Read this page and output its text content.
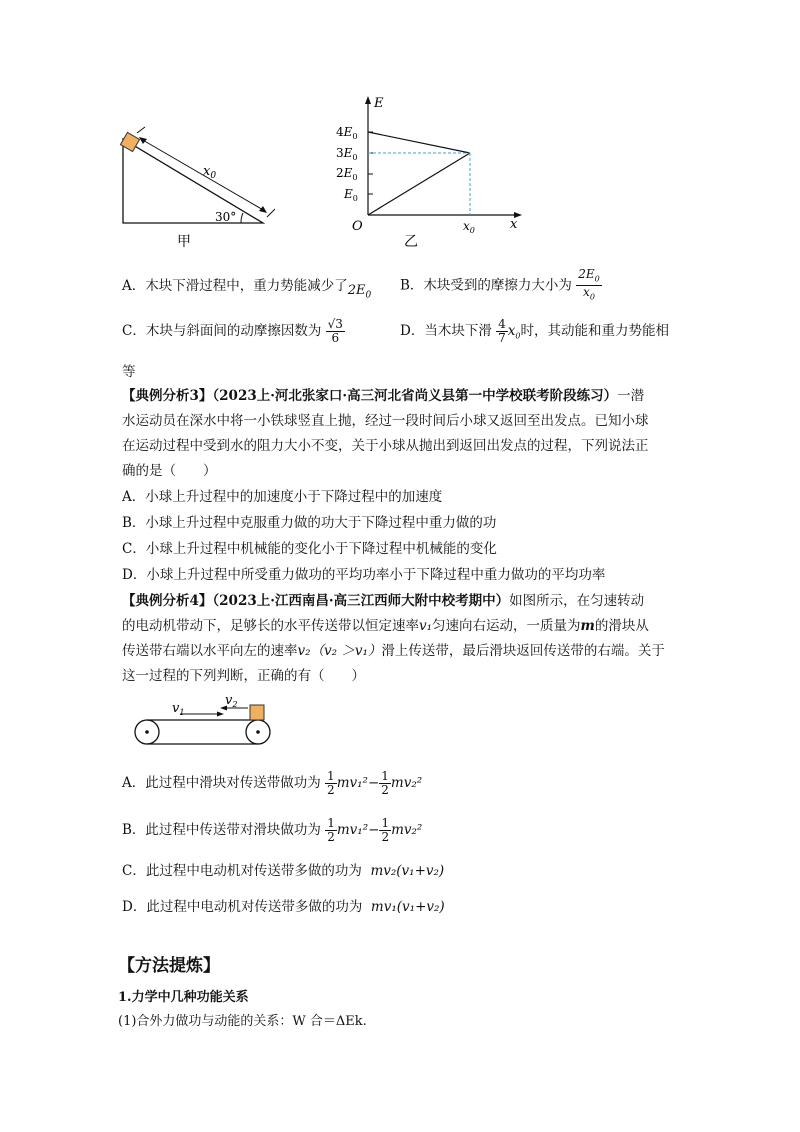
$x_0$
30°
甲
E
x
O
$4E_0$
$3E_0$
$2E_0$
$E_0$
$x_0$
乙
A．木块下滑过程中，重力势能减少了$2E_0$
B．木块受到的摩擦力大小为 $\frac{2E_0}{x_0}$
C．木块与斜面间的动摩擦因数为 $\frac{√3}{6}$	D．当木块下滑 $\frac{4}{7} x_0$时，其动能和重力势能相
等
【典例分析3】（2023上·河北张家口·高三河北省尚义县第一中学校联考阶段练习）一潜
水运动员在深水中将一小铁球竖直上抛，经过一段时间后小球又返回至出发点。已知小球
在运动过程中受到水的阻力大小不变，关于小球从抛出到返回出发点的过程，下列说法正
确的是（　　）
A．小球上升过程中的加速度小于下降过程中的加速度
B．小球上升过程中克服重力做的功大于下降过程中重力做的功
C．小球上升过程中机械能的变化小于下降过程中机械能的变化
D．小球上升过程中所受重力做功的平均功率小于下降过程中重力做功的平均功率
【典例分析4】（2023上·江西南昌·高三江西师大附中校考期中）如图所示，在匀速转动
的电动机带动下，足够长的水平传送带以恒定速率v₁匀速向右运动，一质量为m的滑块从
传送带右端以水平向左的速率v₂（v₂ ＞v₁）滑上传送带，最后滑块返回传送带的右端。关于
这一过程的下列判断，正确的有（　　）
$v_1$
$v_2$
A．此过程中滑块对传送带做功为 $\frac{1}{2} mv_1^2- \frac{1}{2} mv_2^2$
B．此过程中传送带对滑块做功为 $\frac{1}{2} mv_1^2- \frac{1}{2} mv_2^2$
C．此过程中电动机对传送带多做的功为 mv₂(v₁+v₂)
D．此过程中电动机对传送带多做的功为 mv₁(v₁+v₂)
【方法提炼】
1.力学中几种功能关系
(1)合外力做功与动能的关系：W 合＝ΔEk.
